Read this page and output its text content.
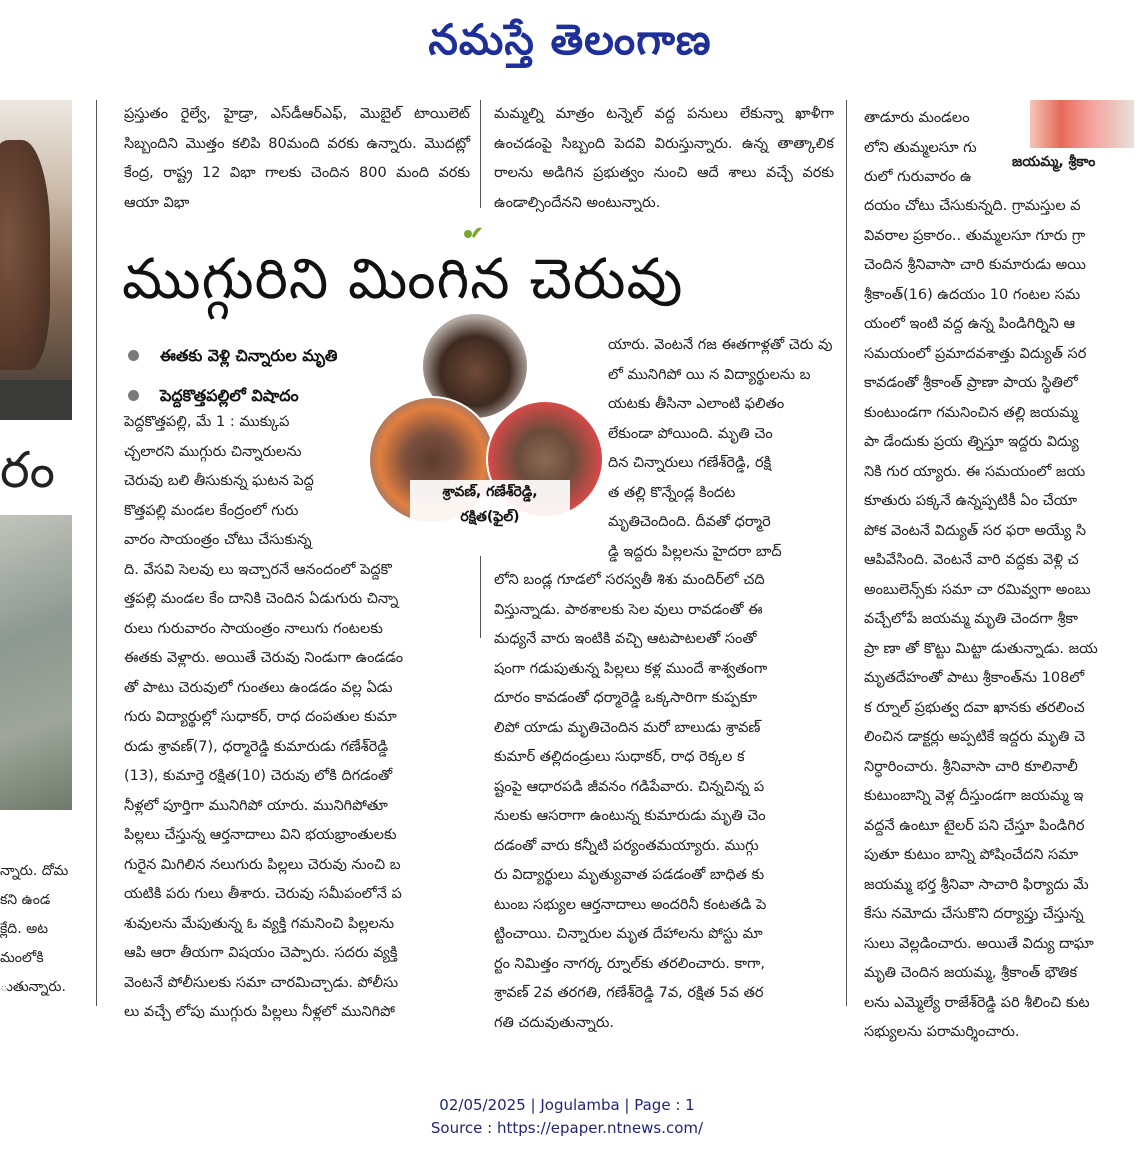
నమస్తే తెలంగాణ
రం
న్నారు. దోమ
కని ఉండ
క్లేది. అట
మంలోకి
ుతున్నారు.
ప్రస్తుతం రైల్వే, హైడ్రా, ఎస్‌డీఆర్‌ఎఫ్, మొబైల్ టాయిలెట్ సిబ్బందిని మొత్తం కలిపి 80మంది వరకు ఉన్నారు. మొదట్లో కేంద్ర, రాష్ట్ర 12 విభా గాలకు చెందిన 800 మంది వరకు ఆయా విభా
మమ్మల్ని మాత్రం టన్నెల్ వద్ద పనులు లేకున్నా ఖాళీగా ఉంచడంపై సిబ్బంది పెదవి విరుస్తున్నారు. ఉన్న తాత్కాలిక రాలను అడిగిన ప్రభుత్వం నుంచి ఆదే శాలు వచ్చే వరకు ఉండాల్సిందేనని అంటున్నారు.
ముగ్గురిని మింగిన చెరువు
ఈతకు వెళ్లి చిన్నారుల మృతి
పెద్దకొత్తపల్లిలో విషాదం
శ్రావణ్, గణేశ్‌రెడ్డి,
రక్షిత(ఫైల్)
పెద్దకొత్తపల్లి, మే 1 : ముక్కుప
చ్చలారని ముగ్గురు చిన్నారులను
చెరువు బలి తీసుకున్న ఘటన పెద్ద
కొత్తపల్లి మండల కేంద్రంలో గురు
వారం సాయంత్రం చోటు చేసుకున్న
ది. వేసవి సెలవు లు ఇచ్చారనే ఆనందంలో పెద్దకొ
త్తపల్లి మండల కేం దానికి చెందిన ఏడుగురు చిన్నా
రులు గురువారం సాయంత్రం నాలుగు గంటలకు
ఈతకు వెళ్లారు. అయితే చెరువు నిండుగా ఉండడం
తో పాటు చెరువులో గుంతలు ఉండడం వల్ల ఏడు
గురు విద్యార్థుల్లో సుధాకర్, రాధ దంపతుల కుమా
రుడు శ్రావణ్(7), ధర్మారెడ్డి కుమారుడు గణేశ్‌రెడ్డి
(13), కుమార్తె రక్షిత(10) చెరువు లోకి దిగడంతో
నీళ్లలో పూర్తిగా మునిగిపో యారు. మునిగిపోతూ
పిల్లలు చేస్తున్న ఆర్తనాదాలు విని భయభ్రాంతులకు
గురైన మిగిలిన నలుగురు పిల్లలు చెరువు నుంచి బ
యటికి పరు గులు తీశారు. చెరువు సమీపంలోనే ప
శువులను మేపుతున్న ఓ వ్యక్తి గమనించి పిల్లలను
ఆపి ఆరా తీయగా విషయం చెప్పారు. సదరు వ్యక్తి
వెంటనే పోలీసులకు సమా చారమిచ్చాడు. పోలీసు
లు వచ్చే లోపు ముగ్గురు పిల్లలు నీళ్లలో మునిగిపో
యారు. వెంటనే గజ ఈతగాళ్లతో చెరు వు
లో మునిగిపో యి న విద్యార్థులను బ
యటకు తీసినా ఎలాంటి ఫలితం
లేకుండా పోయింది. మృతి చెం
దిన చిన్నారులు గణేశ్‌రెడ్డి, రక్షి
త తల్లి కొన్నేండ్ల కిందట
మృతిచెందింది. దీవతో ధర్మారె
డ్డి ఇద్దరు పిల్లలను హైదరా బాద్
లోని బండ్ల గూడలో సరస్వతీ శిశు మందిర్‌లో చది
విస్తున్నాడు. పాఠశాలకు సెల వులు రావడంతో ఈ
మధ్యనే వారు ఇంటికి వచ్చి ఆటపాటలతో సంతో
షంగా గడుపుతున్న పిల్లలు కళ్ల ముందే శాశ్వతంగా
దూరం కావడంతో ధర్మారెడ్డి ఒక్కసారిగా కుప్పకూ
లిపో యాడు మృతిచెందిన మరో బాలుడు శ్రావణ్
కుమార్ తల్లిదండ్రులు సుధాకర్, రాధ రెక్కల క
ష్టంపై ఆధారపడి జీవనం గడిపేవారు. చిన్నచిన్న ప
నులకు ఆసరాగా ఉంటున్న కుమారుడు మృతి చెం
దడంతో వారు కన్నీటి పర్యంతమయ్యారు. ముగ్గు
రు విద్యార్థులు మృత్యువాత పడడంతో బాధిత కు
టుంబ సభ్యుల ఆర్తనాదాలు అందరినీ కంటతడి పె
ట్టించాయి. చిన్నారుల మృత దేహాలను పోస్టు మా
ర్టం నిమిత్తం నాగర్క ర్నూల్‌కు తరలించారు. కాగా,
శ్రావణ్ 2వ తరగతి, గణేశ్‌రెడ్డి 7వ, రక్షిత 5వ తర
గతి చదువుతున్నారు.
జయమ్మ, శ్రీకాం
తాడూరు మండలం
లోని తుమ్మలసూ గు
రులో గురువారం ఉ
దయం చోటు చేసుకున్నది. గ్రామస్తుల వ
వివరాల ప్రకారం.. తుమ్మలసూ గూరు గ్రా
చెందిన శ్రీనివాసా చారి కుమారుడు అయి
శ్రీకాంత్(16) ఉదయం 10 గంటల సమ
యంలో ఇంటి వద్ద ఉన్న పిండిగిర్నిని ఆ
సమయంలో ప్రమాదవశాత్తు విద్యుత్ సర
కావడంతో శ్రీకాంత్ ప్రాణా పాయ స్థితిలో
కుంటుండగా గమనించిన తల్లి జయమ్మ
పా డేందుకు ప్రయ త్నిస్తూ ఇద్దరు విద్యు
నికి గుర య్యారు. ఈ సమయంలో జయ
కూతురు పక్కనే ఉన్నప్పటికీ ఏం చేయా
పోక వెంటనే విద్యుత్ సర ఫరా అయ్యే సి
ఆపివేసింది. వెంటనే వారి వద్దకు వెళ్లి చ
అంబులెన్స్‌కు సమా చా రమివ్వగా అంబు
వచ్చేలోపే జయమ్మ మృతి చెందగా శ్రీకా
ప్రా ణా తో కొట్టు మిట్టా డుతున్నాడు. జయ
మృతదేహంతో పాటు శ్రీకాంత్‌ను 108లో
క ర్నూల్ ప్రభుత్వ దవా ఖానకు తరలించ
లించిన డాక్టర్లు అప్పటికే ఇద్దరు మృతి చె
నిర్ధారించారు. శ్రీనివాసా చారి కూలినాలీ
కుటుంబాన్ని వెళ్ల దీస్తుండగా జయమ్మ ఇ
వద్దనే ఉంటూ టైలర్ పని చేస్తూ పిండిగిర
పుతూ కుటుం బాన్ని పోషించేదని సమా
జయమ్మ భర్త శ్రీనివా సాచారి ఫిర్యాదు మే
కేసు నమోదు చేసుకొని దర్యాప్తు చేస్తున్న
సులు వెల్లడించారు. అయితే విద్యు దాఘా
మృతి చెందిన జయమ్మ, శ్రీకాంత్ భౌతిక
లను ఎమ్మెల్యే రాజేశ్‌రెడ్డి పరి శీలించి కుట
సభ్యులను పరామర్శించారు.
02/05/2025 | Jogulamba | Page : 1
Source : https://epaper.ntnews.com/
